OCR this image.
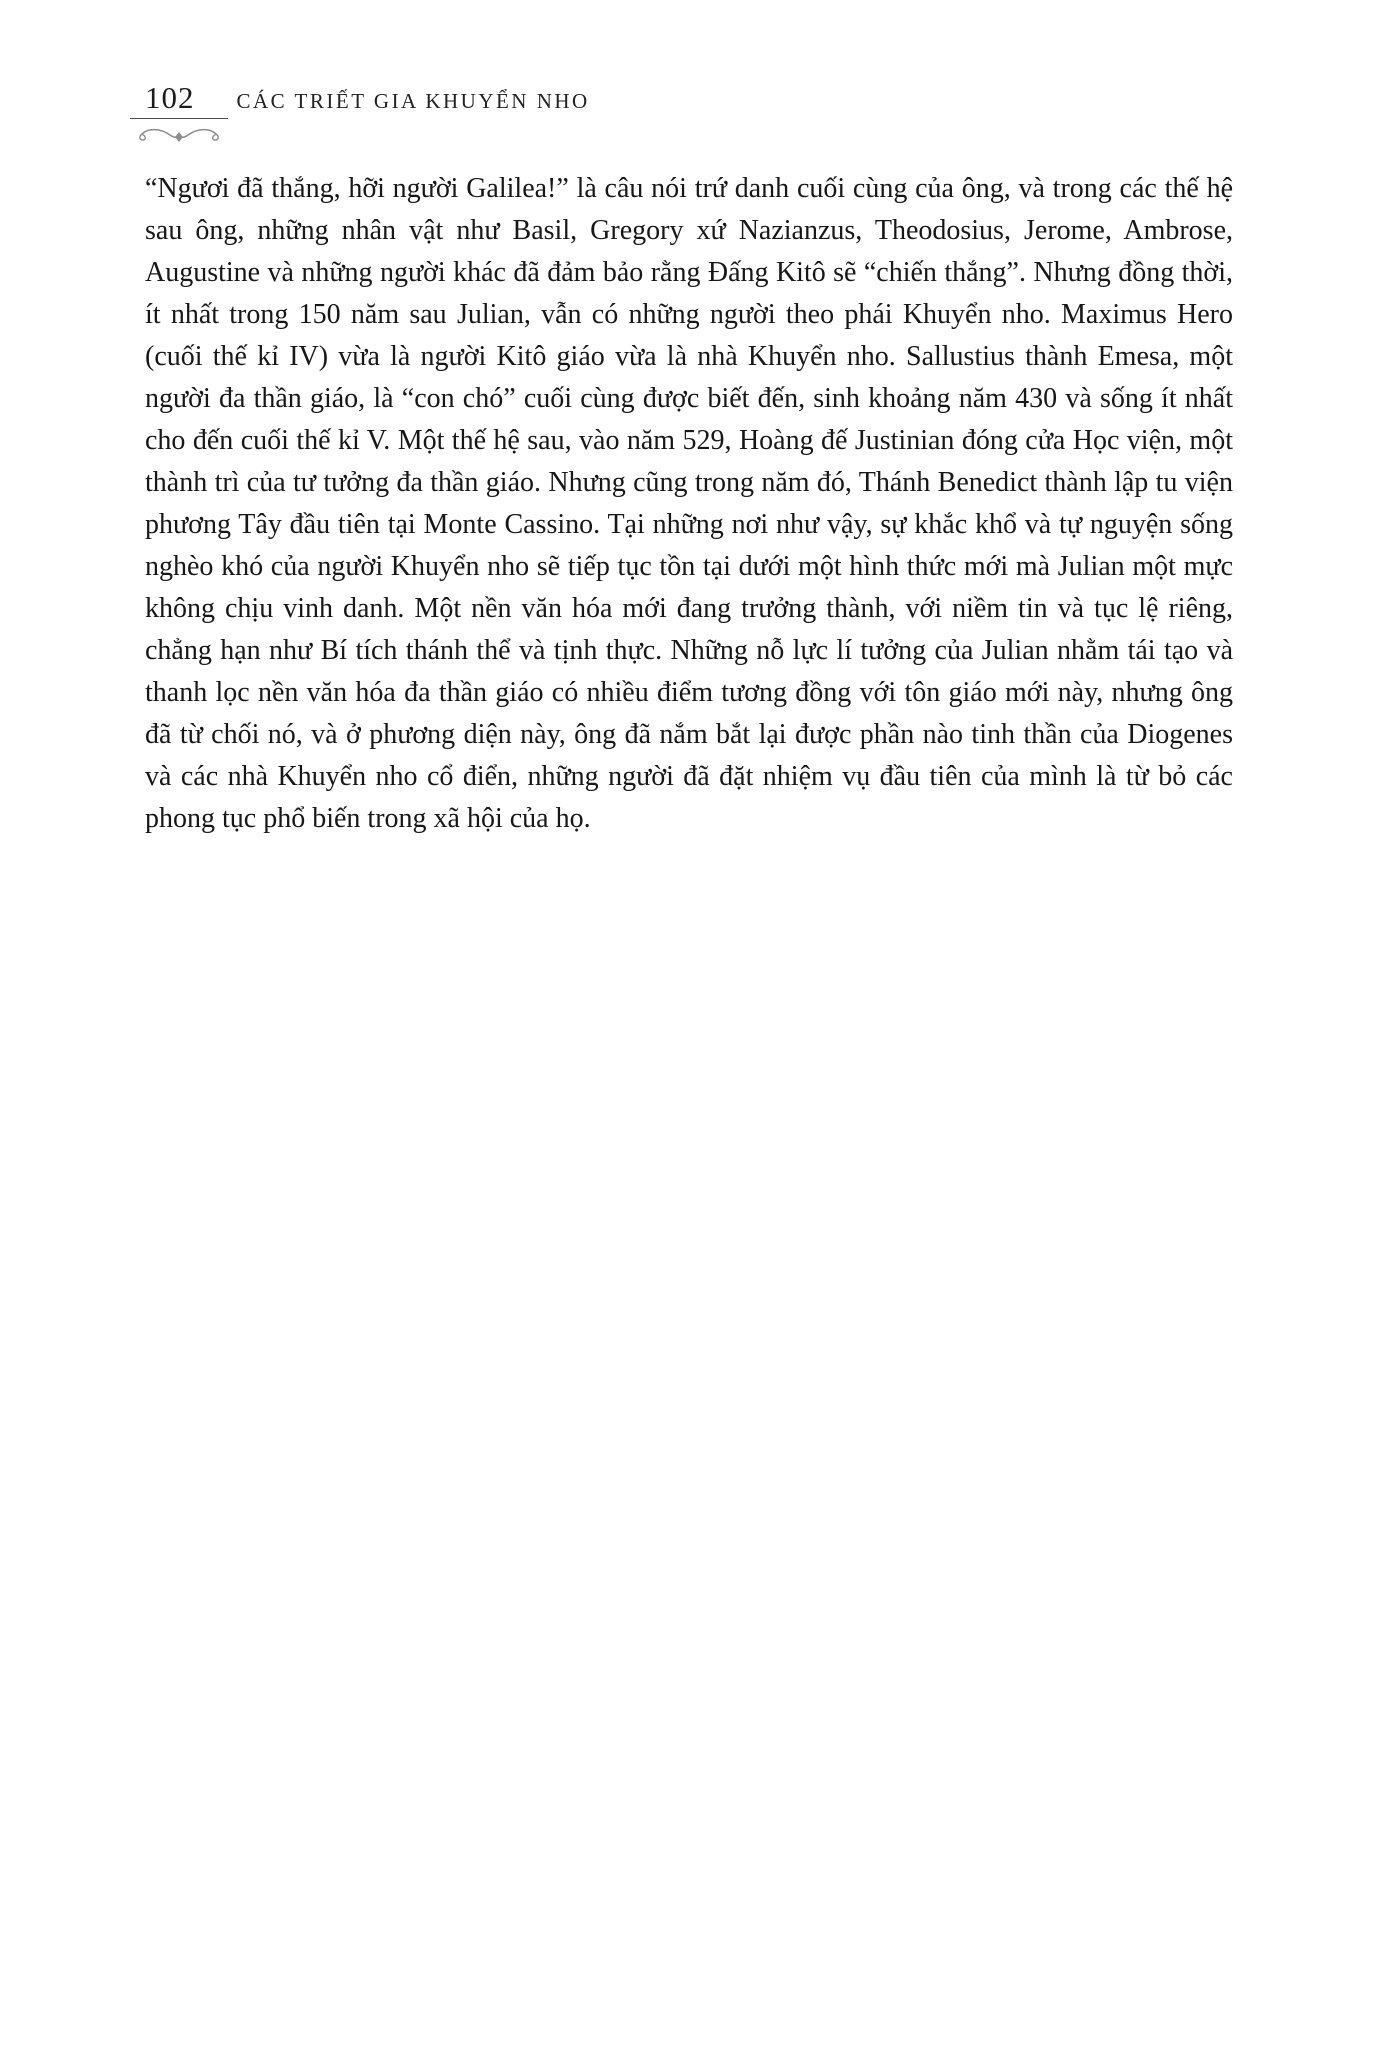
102 CÁC TRIẾT GIA KHUYỂN NHO
“Ngươi đã thắng, hỡi người Galilea!” là câu nói trứ danh cuối cùng của ông, và trong các thế hệ sau ông, những nhân vật như Basil, Gregory xứ Nazianzus, Theodosius, Jerome, Ambrose, Augustine và những người khác đã đảm bảo rằng Đấng Kitô sẽ “chiến thắng”. Nhưng đồng thời, ít nhất trong 150 năm sau Julian, vẫn có những người theo phái Khuyển nho. Maximus Hero (cuối thế kỉ IV) vừa là người Kitô giáo vừa là nhà Khuyển nho. Sallustius thành Emesa, một người đa thần giáo, là “con chó” cuối cùng được biết đến, sinh khoảng năm 430 và sống ít nhất cho đến cuối thế kỉ V. Một thế hệ sau, vào năm 529, Hoàng đế Justinian đóng cửa Học viện, một thành trì của tư tưởng đa thần giáo. Nhưng cũng trong năm đó, Thánh Benedict thành lập tu viện phương Tây đầu tiên tại Monte Cassino. Tại những nơi như vậy, sự khắc khổ và tự nguyện sống nghèo khó của người Khuyển nho sẽ tiếp tục tồn tại dưới một hình thức mới mà Julian một mực không chịu vinh danh. Một nền văn hóa mới đang trưởng thành, với niềm tin và tục lệ riêng, chẳng hạn như Bí tích thánh thể và tịnh thực. Những nỗ lực lí tưởng của Julian nhằm tái tạo và thanh lọc nền văn hóa đa thần giáo có nhiều điểm tương đồng với tôn giáo mới này, nhưng ông đã từ chối nó, và ở phương diện này, ông đã nắm bắt lại được phần nào tinh thần của Diogenes và các nhà Khuyển nho cổ điển, những người đã đặt nhiệm vụ đầu tiên của mình là từ bỏ các phong tục phổ biến trong xã hội của họ.
